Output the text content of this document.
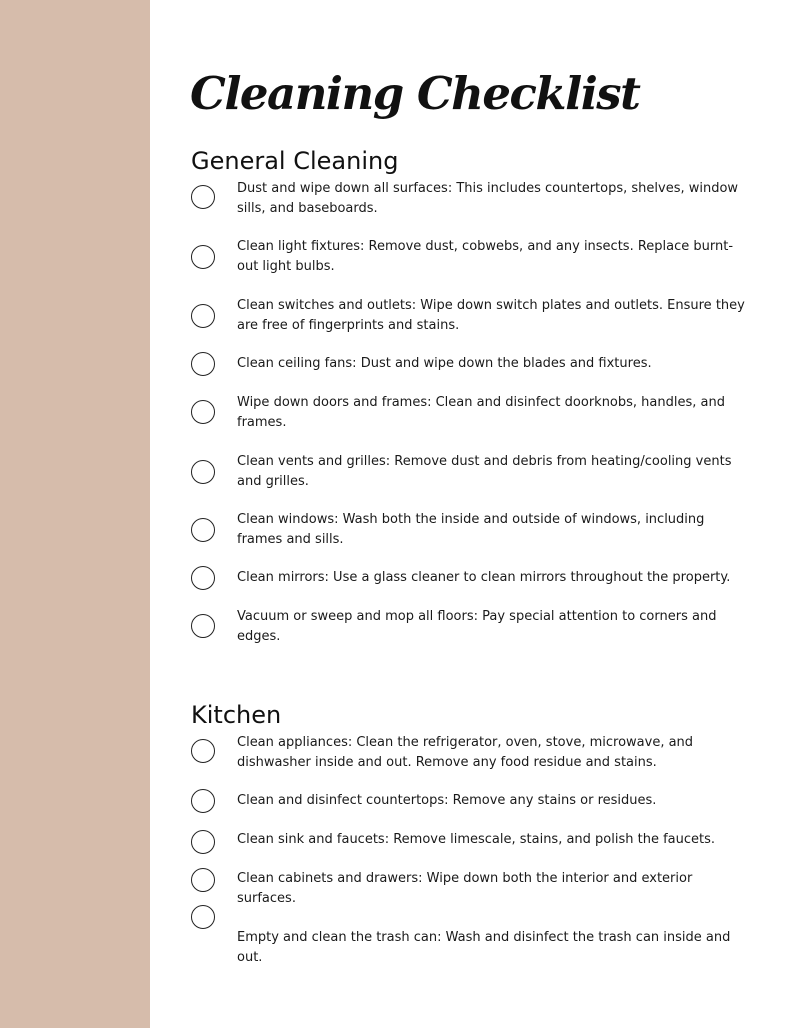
Cleaning Checklist
General Cleaning

Dust and wipe down all surfaces: This includes countertops, shelves, window sills, and baseboards.

Clean light fixtures: Remove dust, cobwebs, and any insects. Replace burnt-out light bulbs.

Clean switches and outlets: Wipe down switch plates and outlets. Ensure they are free of fingerprints and stains.

Clean ceiling fans: Dust and wipe down the blades and fixtures.

Wipe down doors and frames: Clean and disinfect doorknobs, handles, and frames.

Clean vents and grilles: Remove dust and debris from heating/cooling vents and grilles.

Clean windows: Wash both the inside and outside of windows, including frames and sills.

Clean mirrors: Use a glass cleaner to clean mirrors throughout the property.

Vacuum or sweep and mop all floors: Pay special attention to corners and edges.

Kitchen

Clean appliances: Clean the refrigerator, oven, stove, microwave, and dishwasher inside and out. Remove any food residue and stains.

Clean and disinfect countertops: Remove any stains or residues.

Clean sink and faucets: Remove limescale, stains, and polish the faucets.

Clean cabinets and drawers: Wipe down both the interior and exterior surfaces.

Empty and clean the trash can: Wash and disinfect the trash can inside and out.
